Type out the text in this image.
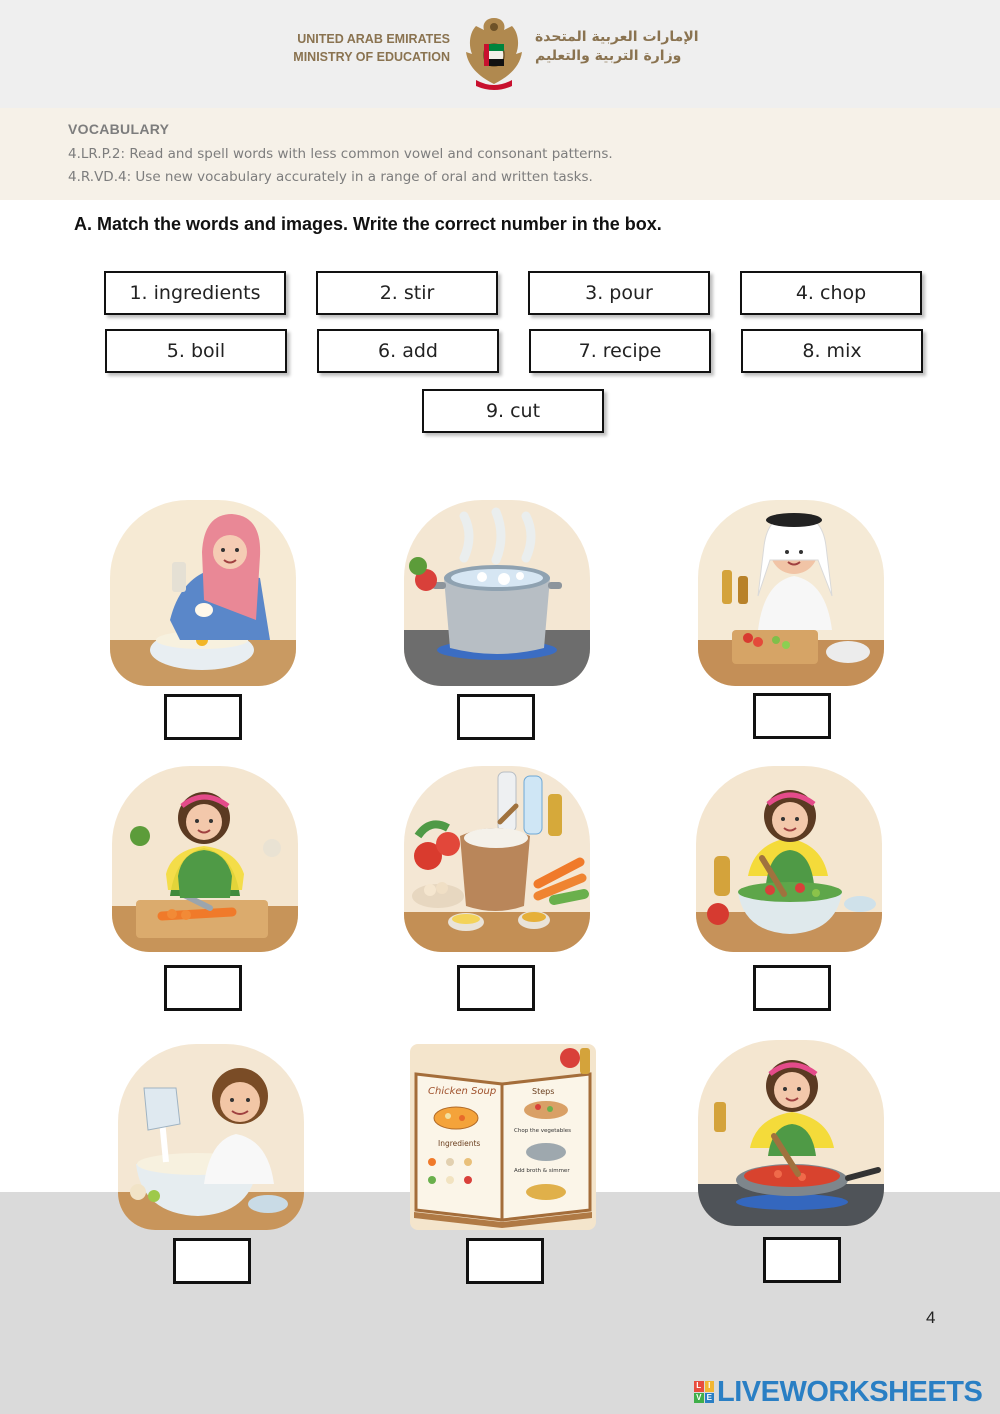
UNITED ARAB EMIRATES
MINISTRY OF EDUCATION
الإمارات العربية المتحدة
وزارة التربية والتعليم
VOCABULARY
4.LR.P.2: Read and spell words with less common vowel and consonant patterns.
4.R.VD.4: Use new vocabulary accurately in a range of oral and written tasks.
A. Match the words and images. Write the correct number in the box.
1. ingredients	2. stir	3. pour	4. chop
5. boil	6. add	7. recipe	8. mix
9. cut
Chicken Soup
Ingredients
Steps
Chop the vegetables
Add broth & simmer
4
L I
V E LIVEWORKSHEETS
